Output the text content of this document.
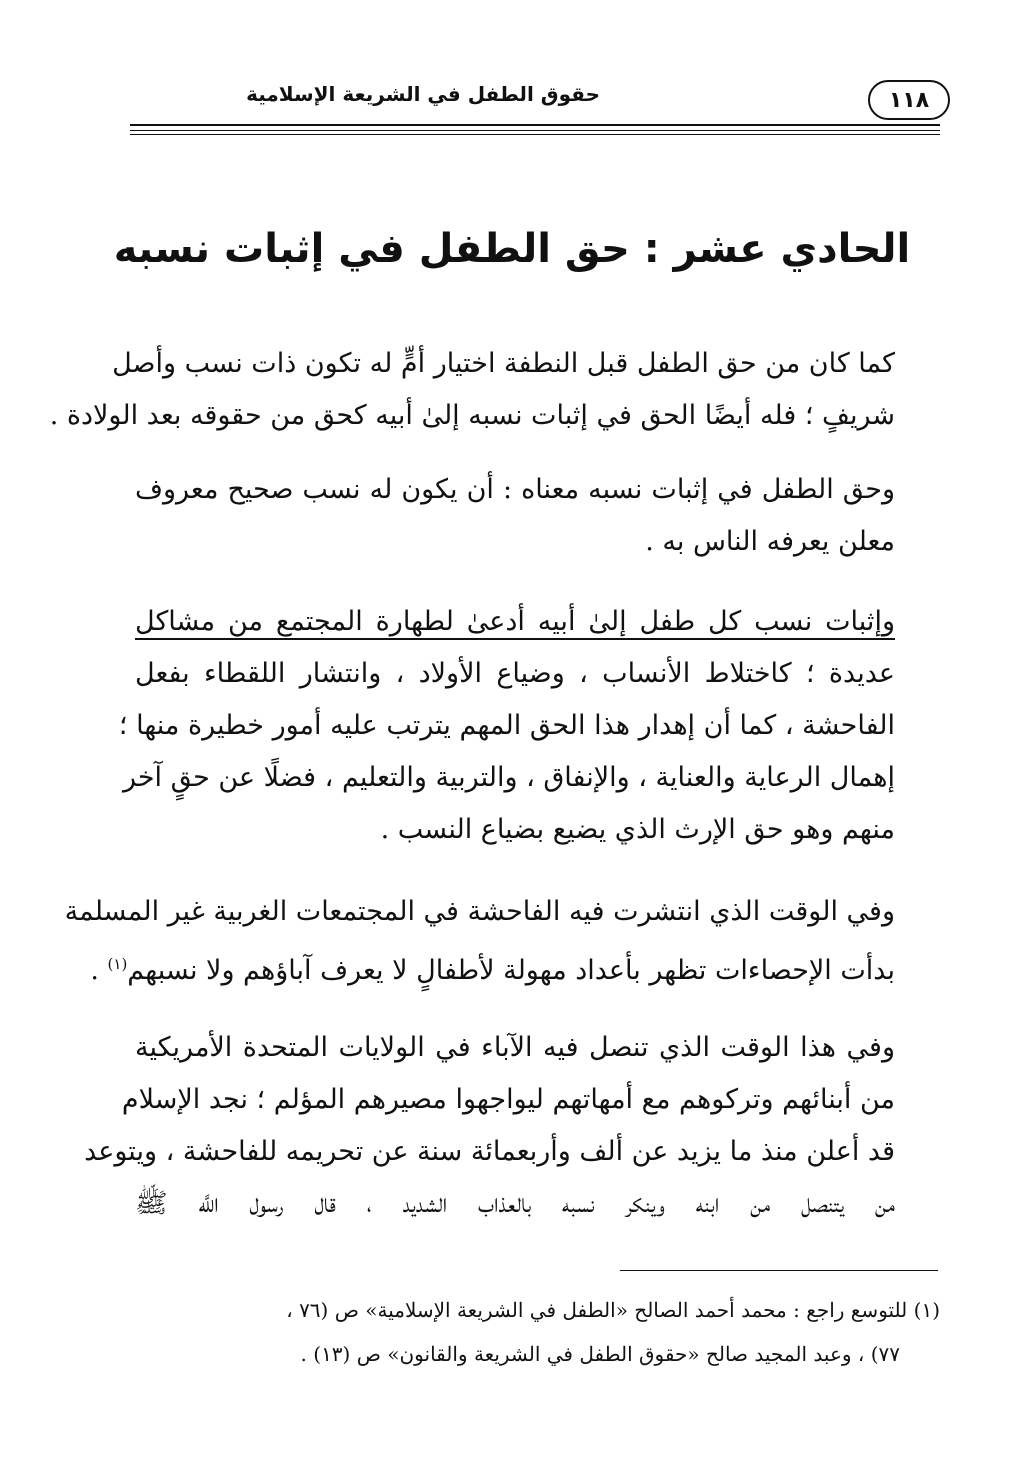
١١٨
حقوق الطفل في الشريعة الإسلامية
الحادي عشر : حق الطفل في إثبات نسبه
كما كان من حق الطفل قبل النطفة اختيار أمٍّ له تكون ذات نسب وأصل
شريفٍ ؛ فله أيضًا الحق في إثبات نسبه إلىٰ أبيه كحق من حقوقه بعد الولادة .
وحق الطفل في إثبات نسبه معناه : أن يكون له نسب صحيح معروف
معلن يعرفه الناس به .
وإثبات نسب كل طفل إلىٰ أبيه أدعىٰ لطهارة المجتمع من مشاكل
عديدة ؛ كاختلاط الأنساب ، وضياع الأولاد ، وانتشار اللقطاء بفعل
الفاحشة ، كما أن إهدار هذا الحق المهم يترتب عليه أمور خطيرة منها ؛
إهمال الرعاية والعناية ، والإنفاق ، والتربية والتعليم ، فضلًا عن حقٍ آخر
منهم وهو حق الإرث الذي يضيع بضياع النسب .
وفي الوقت الذي انتشرت فيه الفاحشة في المجتمعات الغربية غير المسلمة
بدأت الإحصاءات تظهر بأعداد مهولة لأطفالٍ لا يعرف آباؤهم ولا نسبهم$^{(١)}$ .
وفي هذا الوقت الذي تنصل فيه الآباء في الولايات المتحدة الأمريكية
من أبنائهم وتركوهم مع أمهاتهم ليواجهوا مصيرهم المؤلم ؛ نجد الإسلام
قد أعلن منذ ما يزيد عن ألف وأربعمائة سنة عن تحريمه للفاحشة ، ويتوعد
من يتنصل من ابنه وينكر نسبه بالعذاب الشديد ، قال رسول اللَّه ﷺ
(١) للتوسع راجع : محمد أحمد الصالح «الطفل في الشريعة الإسلامية» ص (٧٦ ،
٧٧) ، وعبد المجيد صالح «حقوق الطفل في الشريعة والقانون» ص (١٣) .
